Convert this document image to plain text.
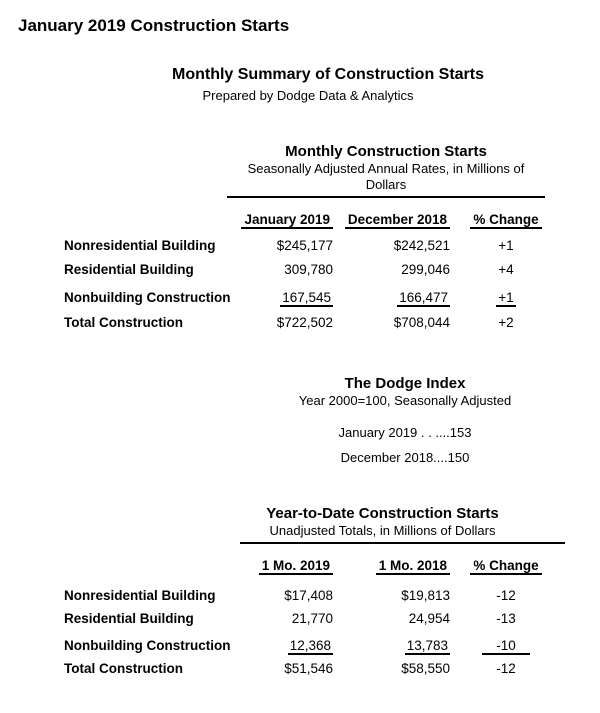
January 2019 Construction Starts
Monthly Summary of Construction Starts
Prepared by Dodge Data & Analytics
Monthly Construction Starts
Seasonally Adjusted Annual Rates, in Millions of Dollars
January 2019	December 2018	% Change
Nonresidential Building	$245,177	$242,521	+1
Residential Building	309,780	299,046	+4
Nonbuilding Construction	167,545	166,477	+1
Total Construction	$722,502	$708,044	+2
The Dodge Index
Year 2000=100, Seasonally Adjusted
January 2019 . . ....153
December 2018....150
Year-to-Date Construction Starts
Unadjusted Totals, in Millions of Dollars
1 Mo. 2019	1 Mo. 2018	% Change
Nonresidential Building	$17,408	$19,813	-12
Residential Building	21,770	24,954	-13
Nonbuilding Construction	12,368	13,783	-10
Total Construction	$51,546	$58,550	-12
